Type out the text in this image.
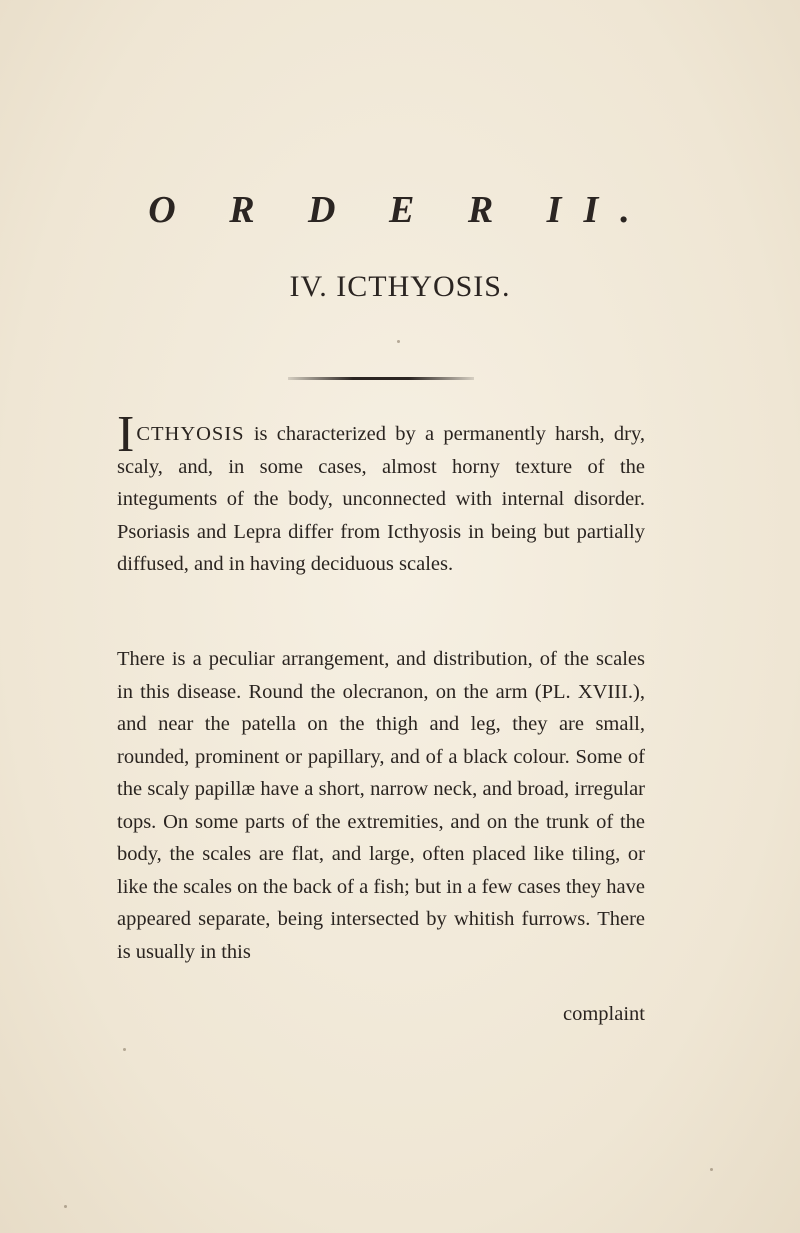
O R D E R II.
IV. ICTHYOSIS.
ICTHYOSIS is characterized by a permanently harsh, dry, scaly, and, in some cases, almost horny texture of the integuments of the body, unconnected with internal disorder. Psoriasis and Lepra differ from Icthyosis in being but partially diffused, and in having deciduous scales.
There is a peculiar arrangement, and distribution, of the scales in this disease. Round the olecranon, on the arm (PL. XVIII.), and near the patella on the thigh and leg, they are small, rounded, prominent or papillary, and of a black colour. Some of the scaly papillæ have a short, narrow neck, and broad, irregular tops. On some parts of the extremities, and on the trunk of the body, the scales are flat, and large, often placed like tiling, or like the scales on the back of a fish; but in a few cases they have appeared separate, being intersected by whitish furrows. There is usually in this
complaint
